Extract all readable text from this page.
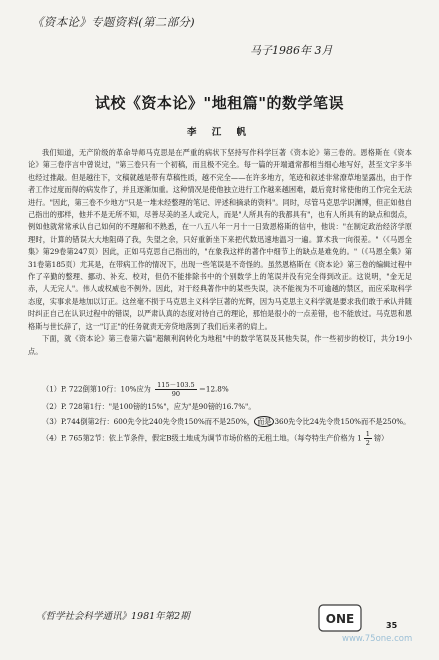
《资本论》专题资料(第二部分)
马子1986年 3月
试校《资本论》"地租篇"的数学笔误
李 江 帆

我们知道，无产阶级的革命导师马克思是在严重的病状下坚持写作科学巨著《资本论》第三卷的。恩格斯在《资本论》第三卷序言中曾说过，"第三卷只有一个初稿，而且极不完全。每一篇的开端通常都相当细心地写好，甚至文字多半也经过推敲。但是越往下，文稿就越是带有草稿性质，越不完全——在许多地方，笔迹和叙述非常潦草地显露出，由于作者工作过度而得的病发作了，并且逐渐加重。这种情况是使他独立进行工作越来越困难，最后竟时常使他的工作完全无法进行。"因此，第三卷不少地方"只是一堆未经整理的笔记、评述和摘录的资料"。同时，尽管马克思学识渊博，但正如他自己指出的那样，他并不是无所不知，尽善尽美的圣人或完人，而是"人所具有的我都具有"，也有人所具有的缺点和弱点，例如他就常常承认自己如何的不理解和不熟悉，在一八五八年一月十一日致恩格斯的信中，他说："在制定政治经济学原理时，计算的错误大大地阻碍了我，失望之余，只好重新坐下来把代数迅速地温习一遍。算术我一向很差。"（《马恩全集》第29卷第247页）因此，正如马克思自己指出的，"在象我这样的著作中细节上的缺点是难免的。"（《马恩全集》第31卷第185页）尤其是，在带病工作的情况下，出现一些笔误是不奇怪的。虽然恩格斯在《资本论》第三卷的编辑过程中作了辛勤的整理、挪动、补充、校对，但仍不能排除书中的个别数学上的笔误并没有完全得到改正。这说明，"金无足赤，人无完人"。伟人或权威也不例外。因此，对于经典著作中的某些失误，决不能视为不可逾越的禁区，而应采取科学态度，实事求是地加以订正。这丝毫不损于马克思主义科学巨著的光辉，因为马克思主义科学就是要求我们敢于承认并随时纠正自己在认识过程中的错误，以严肃认真的态度对待自己的理论，那怕是很小的一点差错，也不能放过。马克思和恩格斯与世长辞了，这一"订正"的任务就责无旁贷地落到了我们后来者的肩上。

下面，就《资本论》第三卷第六篇"超额利润转化为地租"中的数学笔误及其他失误，作一些初步的校订，共分19小点。

（1）P. 722倒第10行：10%应为 $\frac{115-103.5}{90} =12.8\%$
（2）P. 728第1行："是100镑的15%"，应为"是90镑的16.7%"。
（3）P.744倒第2行：600先令比240先令贵150%而不是250%， 而是 360先令比24先令贵150%而不是250%。
（4）P. 765第2节：依上节条件，假定B级土地成为调节市场价格的无租土地。（每夸特生产价格为 $1 \frac{1}{2}$ 镑）
《哲学社会科学通讯》1981年第2期	ONE	35
www.75one.com
